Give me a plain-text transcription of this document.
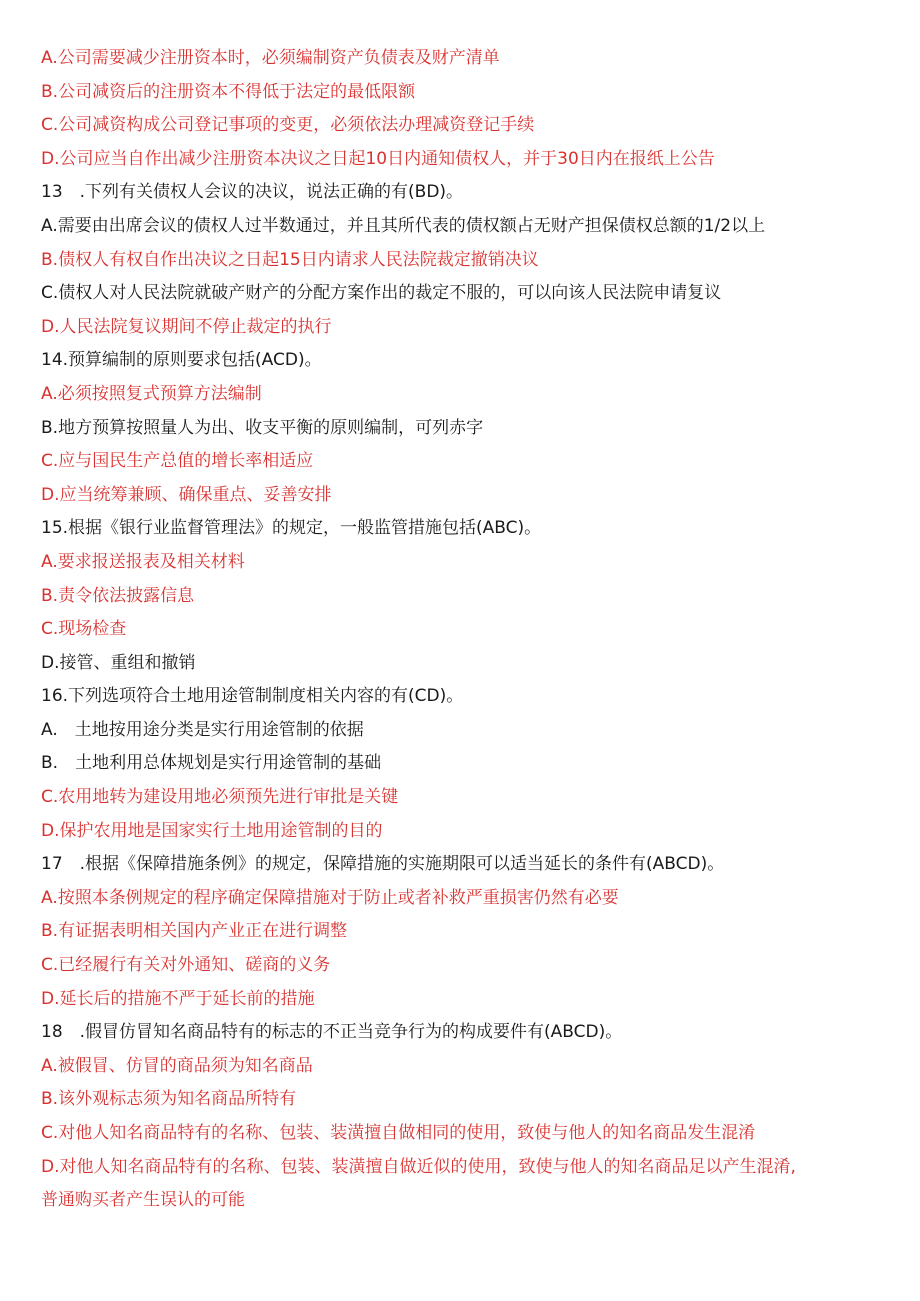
A.公司需要减少注册资本时，必须编制资产负债表及财产清单
B.公司减资后的注册资本不得低于法定的最低限额
C.公司减资构成公司登记事项的变更，必须依法办理减资登记手续
D.公司应当自作出减少注册资本决议之日起10日内通知债权人，并于30日内在报纸上公告
13　.下列有关债权人会议的决议，说法正确的有(BD)。
A.需要由出席会议的债权人过半数通过，并且其所代表的债权额占无财产担保债权总额的1/2以上
B.债权人有权自作出决议之日起15日内请求人民法院裁定撤销决议
C.债权人对人民法院就破产财产的分配方案作出的裁定不服的，可以向该人民法院申请复议
D.人民法院复议期间不停止裁定的执行
14.预算编制的原则要求包括(ACD)。
A.必须按照复式预算方法编制
B.地方预算按照量人为出、收支平衡的原则编制，可列赤字
C.应与国民生产总值的增长率相适应
D.应当统筹兼顾、确保重点、妥善安排
15.根据《银行业监督管理法》的规定，一般监管措施包括(ABC)。
A.要求报送报表及相关材料
B.责令依法披露信息
C.现场检查
D.接管、重组和撤销
16.下列选项符合土地用途管制制度相关内容的有(CD)。
A.　土地按用途分类是实行用途管制的依据
B.　土地利用总体规划是实行用途管制的基础
C.农用地转为建设用地必须预先进行审批是关键
D.保护农用地是国家实行土地用途管制的目的
17　.根据《保障措施条例》的规定，保障措施的实施期限可以适当延长的条件有(ABCD)。
A.按照本条例规定的程序确定保障措施对于防止或者补救严重损害仍然有必要
B.有证据表明相关国内产业正在进行调整
C.已经履行有关对外通知、磋商的义务
D.延长后的措施不严于延长前的措施
18　.假冒仿冒知名商品特有的标志的不正当竞争行为的构成要件有(ABCD)。
A.被假冒、仿冒的商品须为知名商品
B.该外观标志须为知名商品所特有
C.对他人知名商品特有的名称、包装、装潢擅自做相同的使用，致使与他人的知名商品发生混淆
D.对他人知名商品特有的名称、包装、装潢擅自做近似的使用，致使与他人的知名商品足以产生混淆,
普通购买者产生误认的可能
